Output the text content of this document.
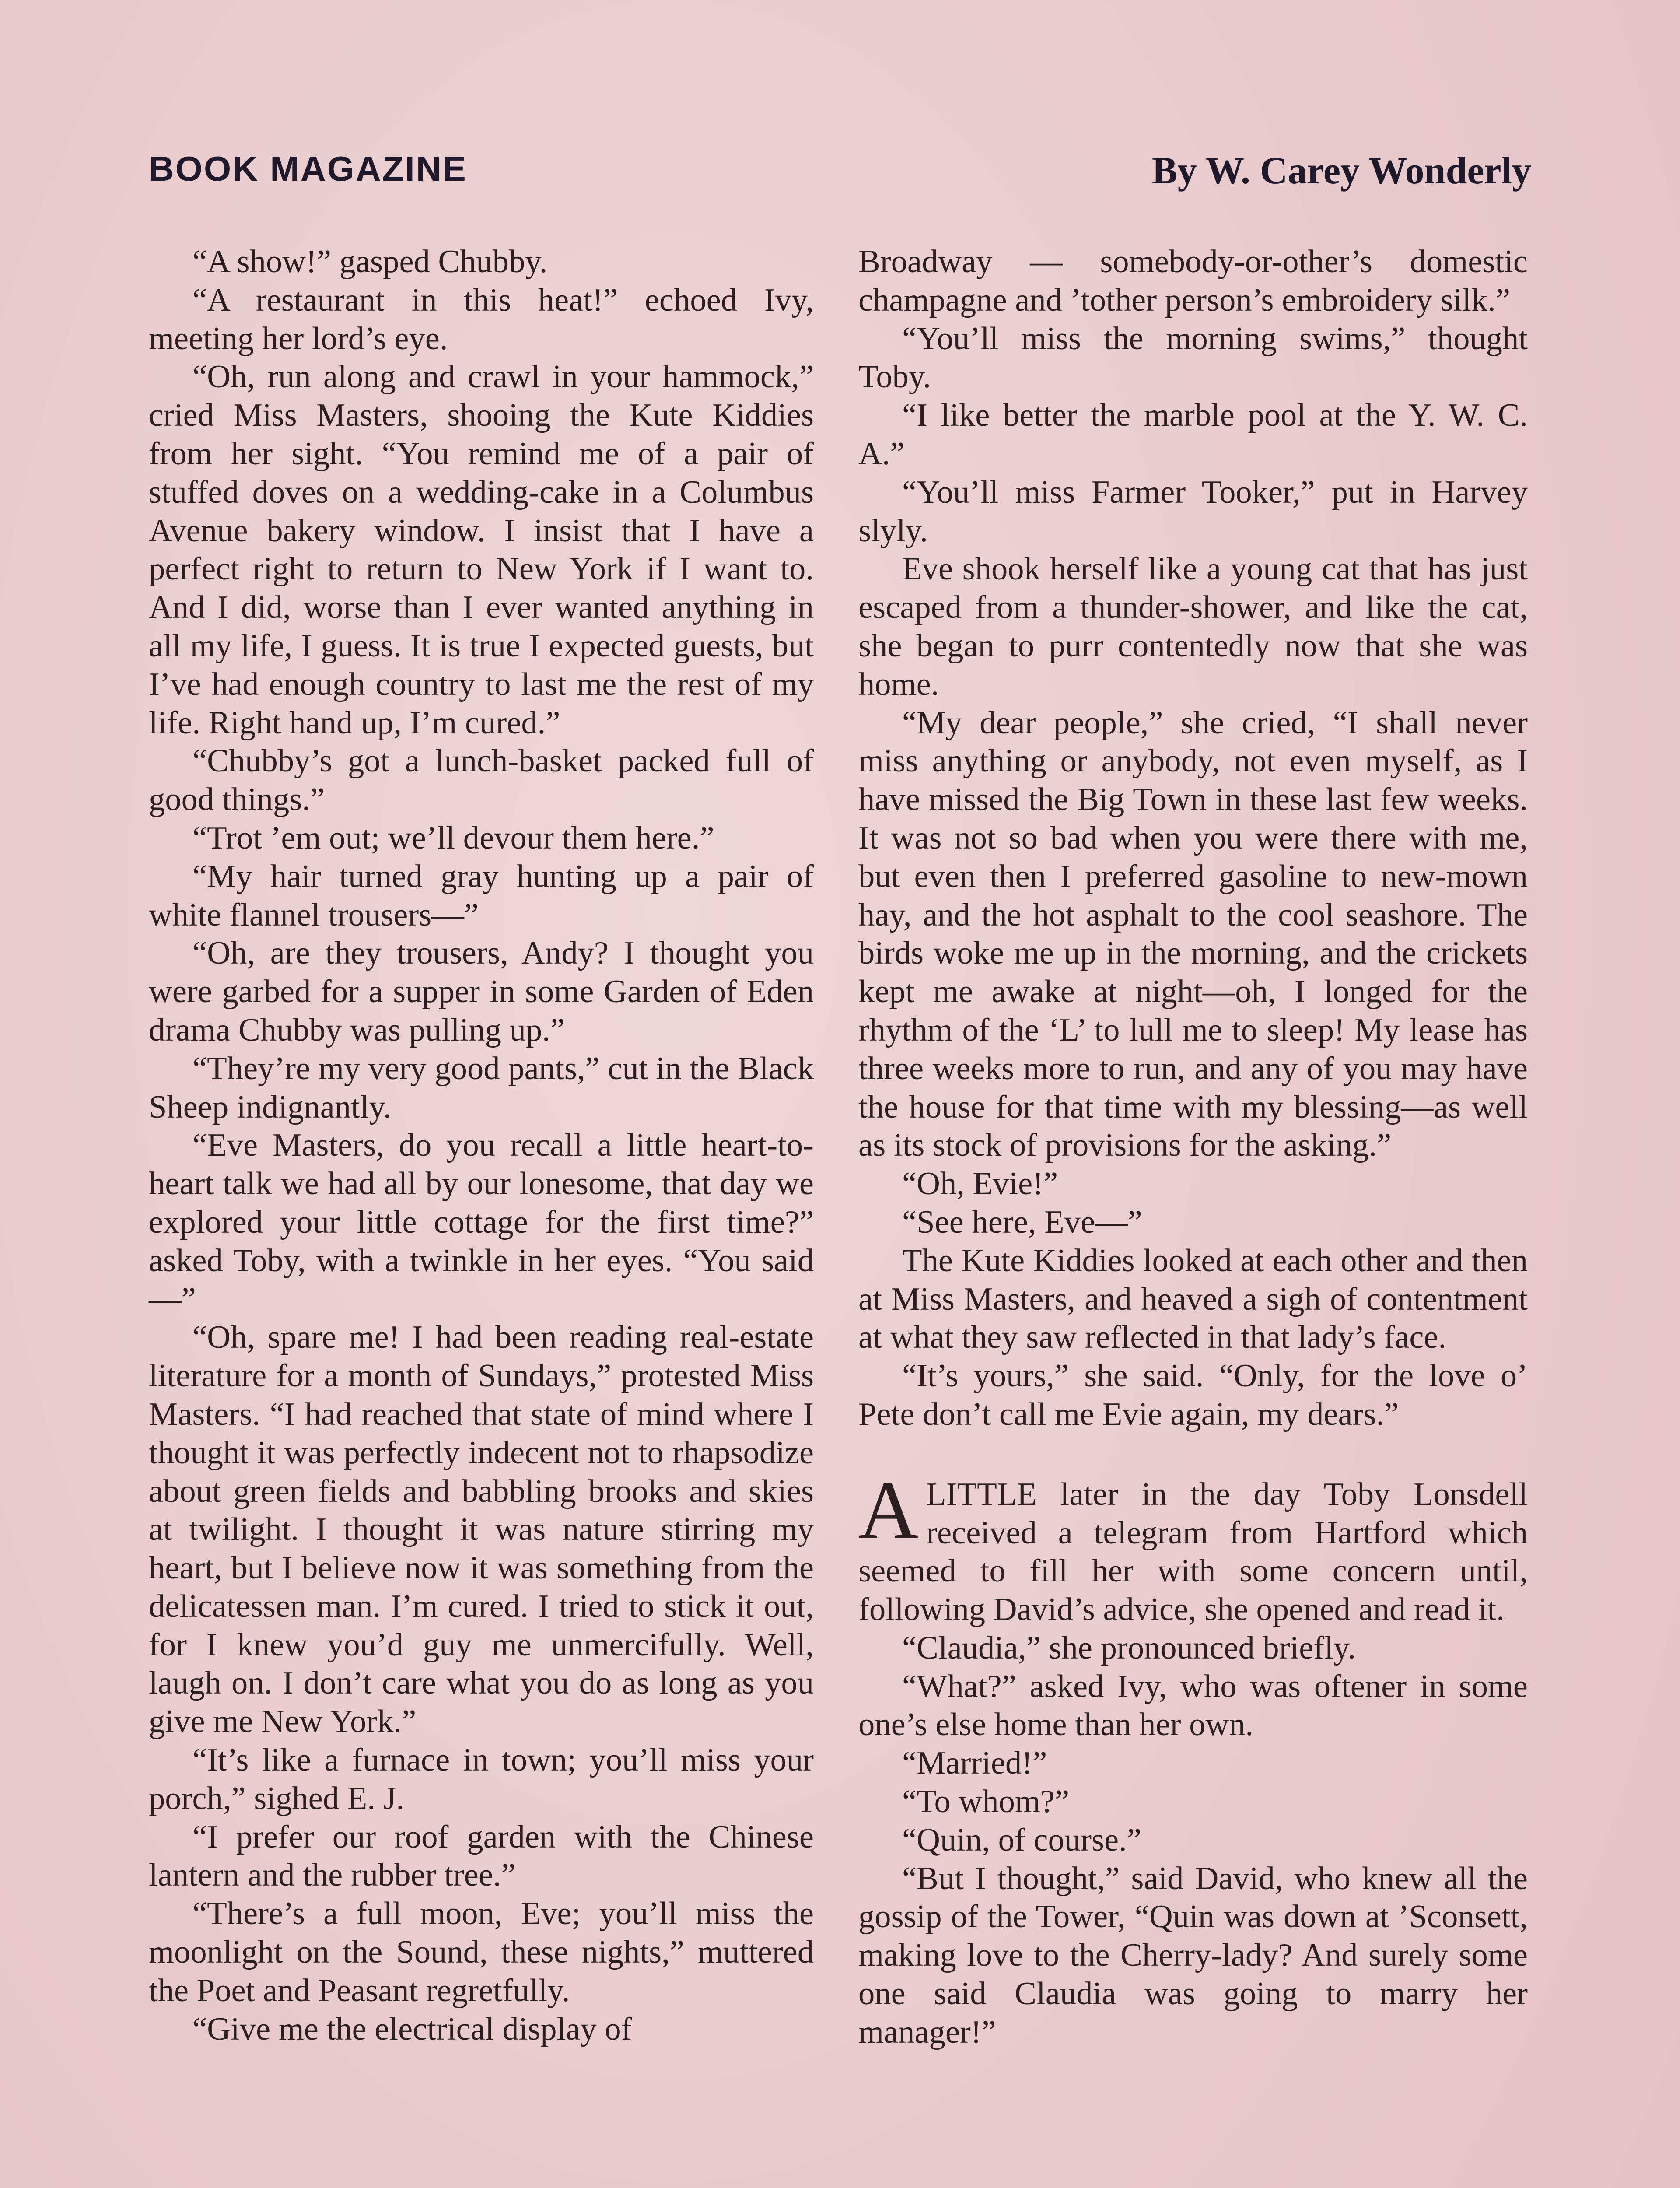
BOOK MAGAZINE	By W. Carey Wonderly

“A show!” gasped Chubby.

“A restaurant in this heat!” echoed Ivy, meeting her lord’s eye.

“Oh, run along and crawl in your hammock,” cried Miss Masters, shooing the Kute Kiddies from her sight. “You remind me of a pair of stuffed doves on a wedding-cake in a Columbus Avenue bakery window. I insist that I have a perfect right to return to New York if I want to. And I did, worse than I ever wanted anything in all my life, I guess. It is true I expected guests, but I’ve had enough country to last me the rest of my life. Right hand up, I’m cured.”

“Chubby’s got a lunch-basket packed full of good things.”

“Trot ’em out; we’ll devour them here.”

“My hair turned gray hunting up a pair of white flannel trousers—”

“Oh, are they trousers, Andy? I thought you were garbed for a supper in some Garden of Eden drama Chubby was pulling up.”

“They’re my very good pants,” cut in the Black Sheep indignantly.

“Eve Masters, do you recall a little heart-to-heart talk we had all by our lonesome, that day we explored your little cottage for the first time?” asked Toby, with a twinkle in her eyes. “You said—”

“Oh, spare me! I had been reading real-estate literature for a month of Sundays,” protested Miss Masters. “I had reached that state of mind where I thought it was perfectly indecent not to rhapsodize about green fields and babbling brooks and skies at twilight. I thought it was nature stirring my heart, but I believe now it was something from the delicatessen man. I’m cured. I tried to stick it out, for I knew you’d guy me unmercifully. Well, laugh on. I don’t care what you do as long as you give me New York.”

“It’s like a furnace in town; you’ll miss your porch,” sighed E. J.

“I prefer our roof garden with the Chinese lantern and the rubber tree.”

“There’s a full moon, Eve; you’ll miss the moonlight on the Sound, these nights,” muttered the Poet and Peasant regretfully.

“Give me the electrical display of

Broadway — somebody-or-other’s domestic champagne and ’tother person’s embroidery silk.”

“You’ll miss the morning swims,” thought Toby.

“I like better the marble pool at the Y. W. C. A.”

“You’ll miss Farmer Tooker,” put in Harvey slyly.

Eve shook herself like a young cat that has just escaped from a thunder-shower, and like the cat, she began to purr contentedly now that she was home.

“My dear people,” she cried, “I shall never miss anything or anybody, not even myself, as I have missed the Big Town in these last few weeks. It was not so bad when you were there with me, but even then I preferred gasoline to new-mown hay, and the hot asphalt to the cool seashore. The birds woke me up in the morning, and the crickets kept me awake at night—oh, I longed for the rhythm of the ‘L’ to lull me to sleep! My lease has three weeks more to run, and any of you may have the house for that time with my blessing—as well as its stock of provisions for the asking.”

“Oh, Evie!”

“See here, Eve—”

The Kute Kiddies looked at each other and then at Miss Masters, and heaved a sigh of contentment at what they saw reflected in that lady’s face.

“It’s yours,” she said. “Only, for the love o’ Pete don’t call me Evie again, my dears.”

ALITTLE later in the day Toby Lonsdell received a telegram from Hartford which seemed to fill her with some concern until, following David’s advice, she opened and read it.

“Claudia,” she pronounced briefly.

“What?” asked Ivy, who was oftener in some one’s else home than her own.

“Married!”

“To whom?”

“Quin, of course.”

“But I thought,” said David, who knew all the gossip of the Tower, “Quin was down at ’Sconsett, making love to the Cherry-lady? And surely some one said Claudia was going to marry her manager!”
